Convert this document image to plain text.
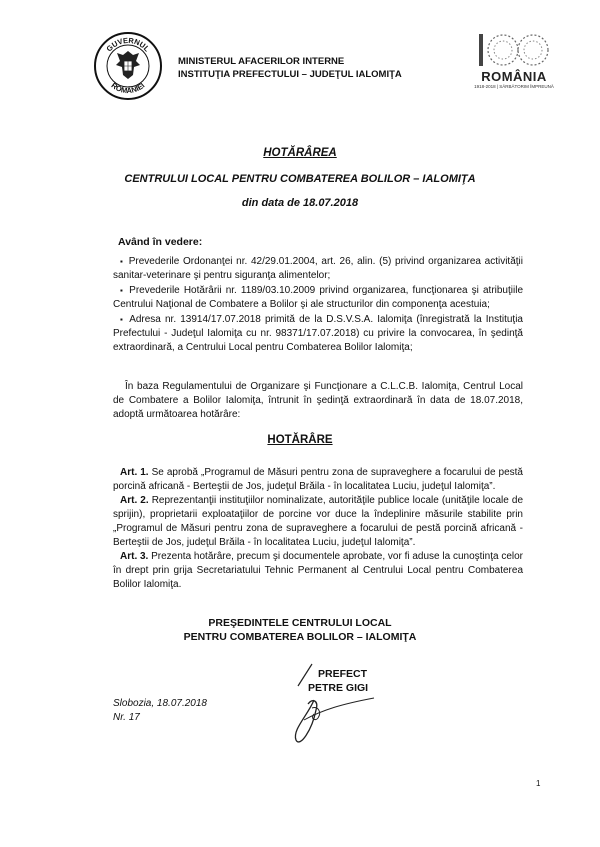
GUVERNUL
ROMÂNIEI
MINISTERUL AFACERILOR INTERNE
INSTITUŢIA PREFECTULUI – JUDEŢUL IALOMIŢA	ROMÂNIA
1918-2018 | SĂRBĂTORIM ÎMPREUNĂ
HOTĂRÂREA
CENTRULUI LOCAL PENTRU COMBATEREA BOLILOR – IALOMIŢA
din data de 18.07.2018
Având în vedere:
▪ Prevederile Ordonanţei nr. 42/29.01.2004, art. 26, alin. (5) privind organizarea activităţii sanitar-veterinare şi pentru siguranţa alimentelor;
▪ Prevederile Hotărârii nr. 1189/03.10.2009 privind organizarea, funcţionarea şi atribuţiile Centrului Naţional de Combatere a Bolilor şi ale structurilor din componenţa acestuia;
▪ Adresa nr. 13914/17.07.2018 primită de la D.S.V.S.A. Ialomiţa (înregistrată la Instituţia Prefectului - Judeţul Ialomiţa cu nr. 98371/17.07.2018) cu privire la convocarea, în şedinţă extraordinară, a Centrului Local pentru Combaterea Bolilor Ialomiţa;
În baza Regulamentului de Organizare şi Funcţionare a C.L.C.B. Ialomiţa, Centrul Local de Combatere a Bolilor Ialomiţa, întrunit în şedinţă extraordinară în data de 18.07.2018, adoptă următoarea hotărâre:
HOTĂRÂRE

Art. 1. Se aprobă „Programul de Măsuri pentru zona de supraveghere a focarului de pestă porcină africană - Berteştii de Jos, judeţul Brăila - în localitatea Luciu, judeţul Ialomiţa”.

Art. 2. Reprezentanţii instituţiilor nominalizate, autorităţile publice locale (unităţile locale de sprijin), proprietarii exploataţiilor de porcine vor duce la îndeplinire măsurile stabilite prin „Programul de Măsuri pentru zona de supraveghere a focarului de pestă porcină africană - Berteştii de Jos, judeţul Brăila - în localitatea Luciu, judeţul Ialomiţa”.

Art. 3. Prezenta hotărâre, precum şi documentele aprobate, vor fi aduse la cunoştinţa celor în drept prin grija Secretariatului Tehnic Permanent al Centrului Local pentru Combaterea Bolilor Ialomiţa.

PREŞEDINTELE CENTRULUI LOCAL
PENTRU COMBATEREA BOLILOR – IALOMIŢA
PREFECT
PETRE GIGI
Slobozia, 18.07.2018
Nr. 17
1
